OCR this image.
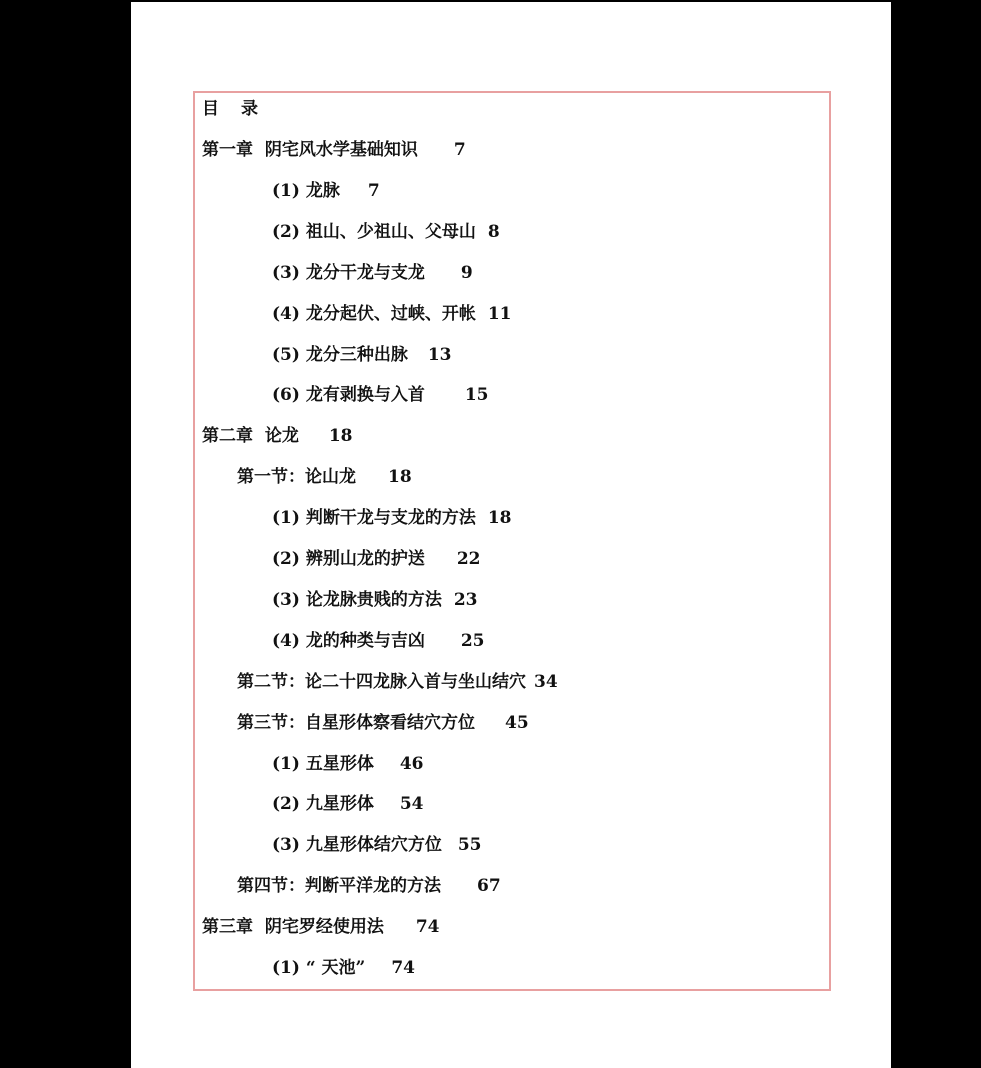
目 录
第一章  阴宅风水学基础知识 7
(1) 龙脉 7
(2) 祖山、少祖山、父母山 8
(3) 龙分干龙与支龙 9
(4) 龙分起伏、过峡、开帐 11
(5) 龙分三种出脉 13
(6) 龙有剥换与入首 15
第二章  论龙 18
第一节：论山龙 18
(1) 判断干龙与支龙的方法 18
(2) 辨别山龙的护送 22
(3) 论龙脉贵贱的方法 23
(4) 龙的种类与吉凶 25
第二节：论二十四龙脉入首与坐山结穴 34
第三节：自星形体察看结穴方位 45
(1) 五星形体 46
(2) 九星形体 54
(3) 九星形体结穴方位 55
第四节：判断平洋龙的方法 67
第三章  阴宅罗经使用法 74
(1) “ 天池” 74
